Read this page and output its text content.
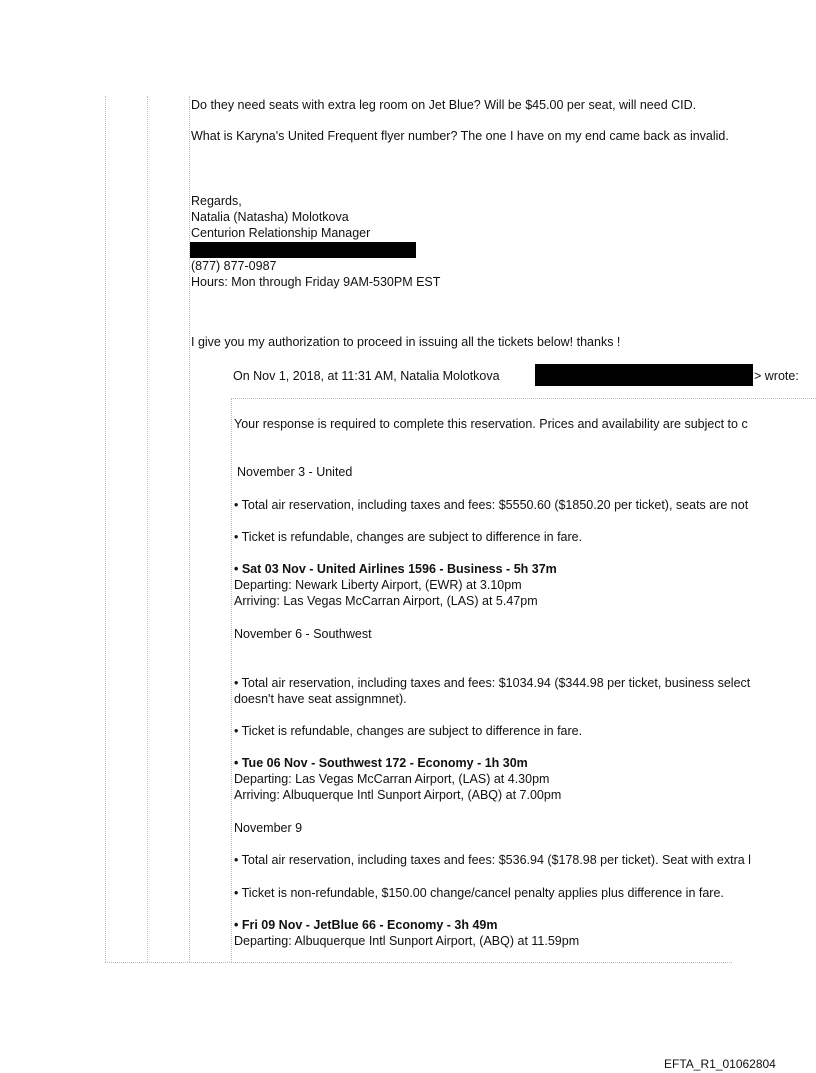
Do they need seats with extra leg room on Jet Blue? Will be $45.00 per seat, will need CID.
What is Karyna's United Frequent flyer number? The one I have on my end came back as invalid.
Regards,
Natalia (Natasha) Molotkova
Centurion Relationship Manager
(877) 877-0987
Hours: Mon through Friday 9AM-530PM EST
I give you my authorization to proceed in issuing all the tickets below! thanks !
On Nov 1, 2018, at 11:31 AM, Natalia Molotkova	> wrote:
Your response is required to complete this reservation. Prices and availability are subject to c
November 3 - United
• Total air reservation, including taxes and fees: $5550.60 ($1850.20 per ticket), seats are not
• Ticket is refundable, changes are subject to difference in fare.
• Sat 03 Nov - United Airlines 1596 - Business - 5h 37m
Departing: Newark Liberty Airport, (EWR) at 3.10pm
Arriving: Las Vegas McCarran Airport, (LAS) at 5.47pm
November 6 - Southwest
• Total air reservation, including taxes and fees: $1034.94 ($344.98 per ticket, business select
doesn't have seat assignmnet).
• Ticket is refundable, changes are subject to difference in fare.
• Tue 06 Nov - Southwest 172 - Economy - 1h 30m
Departing: Las Vegas McCarran Airport, (LAS) at 4.30pm
Arriving: Albuquerque Intl Sunport Airport, (ABQ) at 7.00pm
November 9
• Total air reservation, including taxes and fees: $536.94 ($178.98 per ticket). Seat with extra l
• Ticket is non-refundable, $150.00 change/cancel penalty applies plus difference in fare.
• Fri 09 Nov - JetBlue 66 - Economy - 3h 49m
Departing: Albuquerque Intl Sunport Airport, (ABQ) at 11.59pm
EFTA_R1_01062804
